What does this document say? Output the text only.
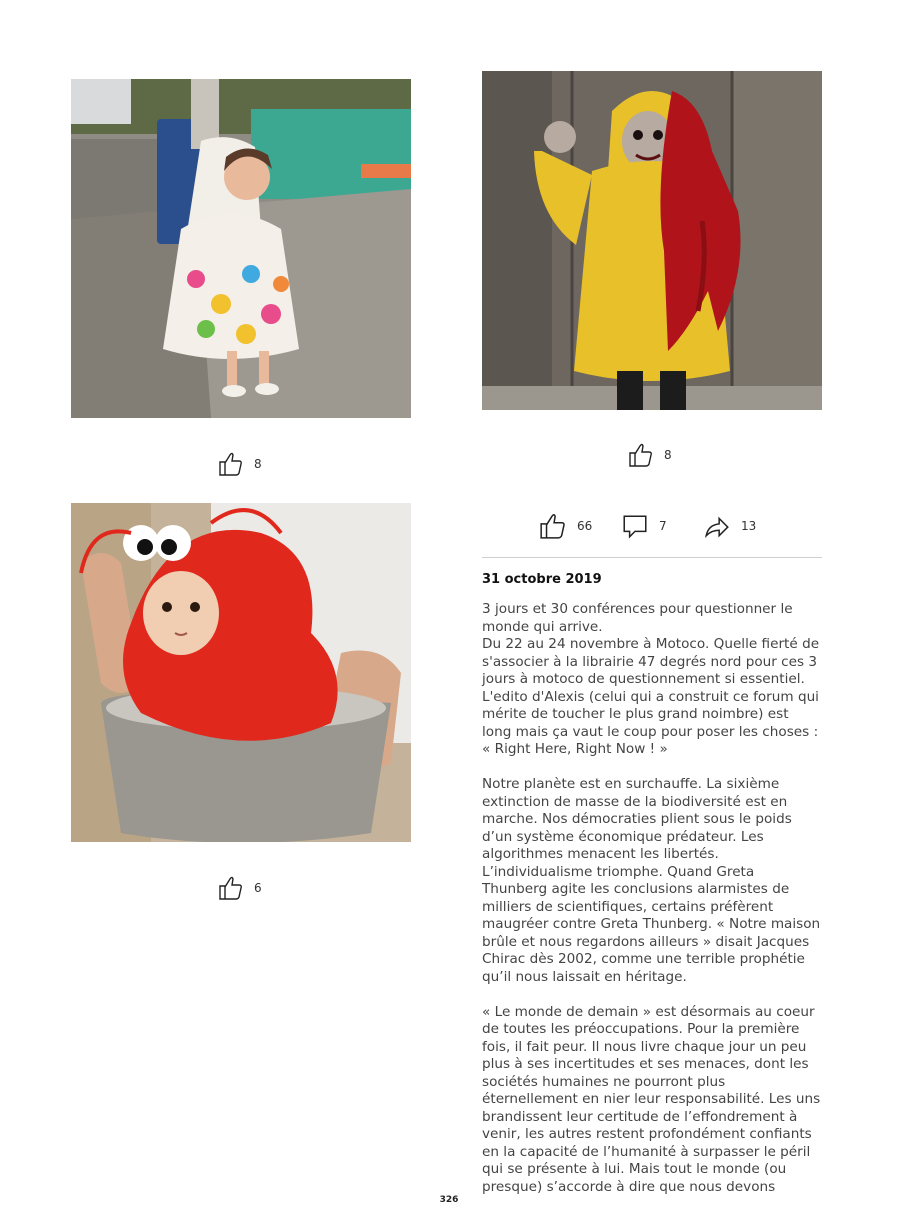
8
8
6
66	7	13
31 octobre 2019

3 jours et 30 conférences pour questionner le monde qui arrive.
Du 22 au 24 novembre à Motoco. Quelle fierté de s'associer à la librairie 47 degrés nord pour ces 3 jours à motoco de questionnement si essentiel. L'edito d'Alexis (celui qui a construit ce forum qui mérite de toucher le plus grand noimbre) est long mais ça vaut le coup pour poser les choses :
« Right Here, Right Now ! »

Notre planète est en surchauffe. La sixième extinction de masse de la biodiversité est en marche. Nos démocraties plient sous le poids d’un système économique prédateur. Les algorithmes menacent les libertés. L’individualisme triomphe. Quand Greta Thunberg agite les conclusions alarmistes de milliers de scientifiques, certains préfèrent maugréer contre Greta Thunberg. « Notre maison brûle et nous regardons ailleurs » disait Jacques Chirac dès 2002, comme une terrible prophétie qu’il nous laissait en héritage.

« Le monde de demain » est désormais au coeur de toutes les préoccupations. Pour la première fois, il fait peur. Il nous livre chaque jour un peu plus à ses incertitudes et ses menaces, dont les sociétés humaines ne pourront plus éternellement en nier leur responsabilité. Les uns brandissent leur certitude de l’effondrement à venir, les autres restent profondément confiants en la capacité de l’humanité à surpasser le péril qui se présente à lui. Mais tout le monde (ou presque) s’accorde à dire que nous devons

326
